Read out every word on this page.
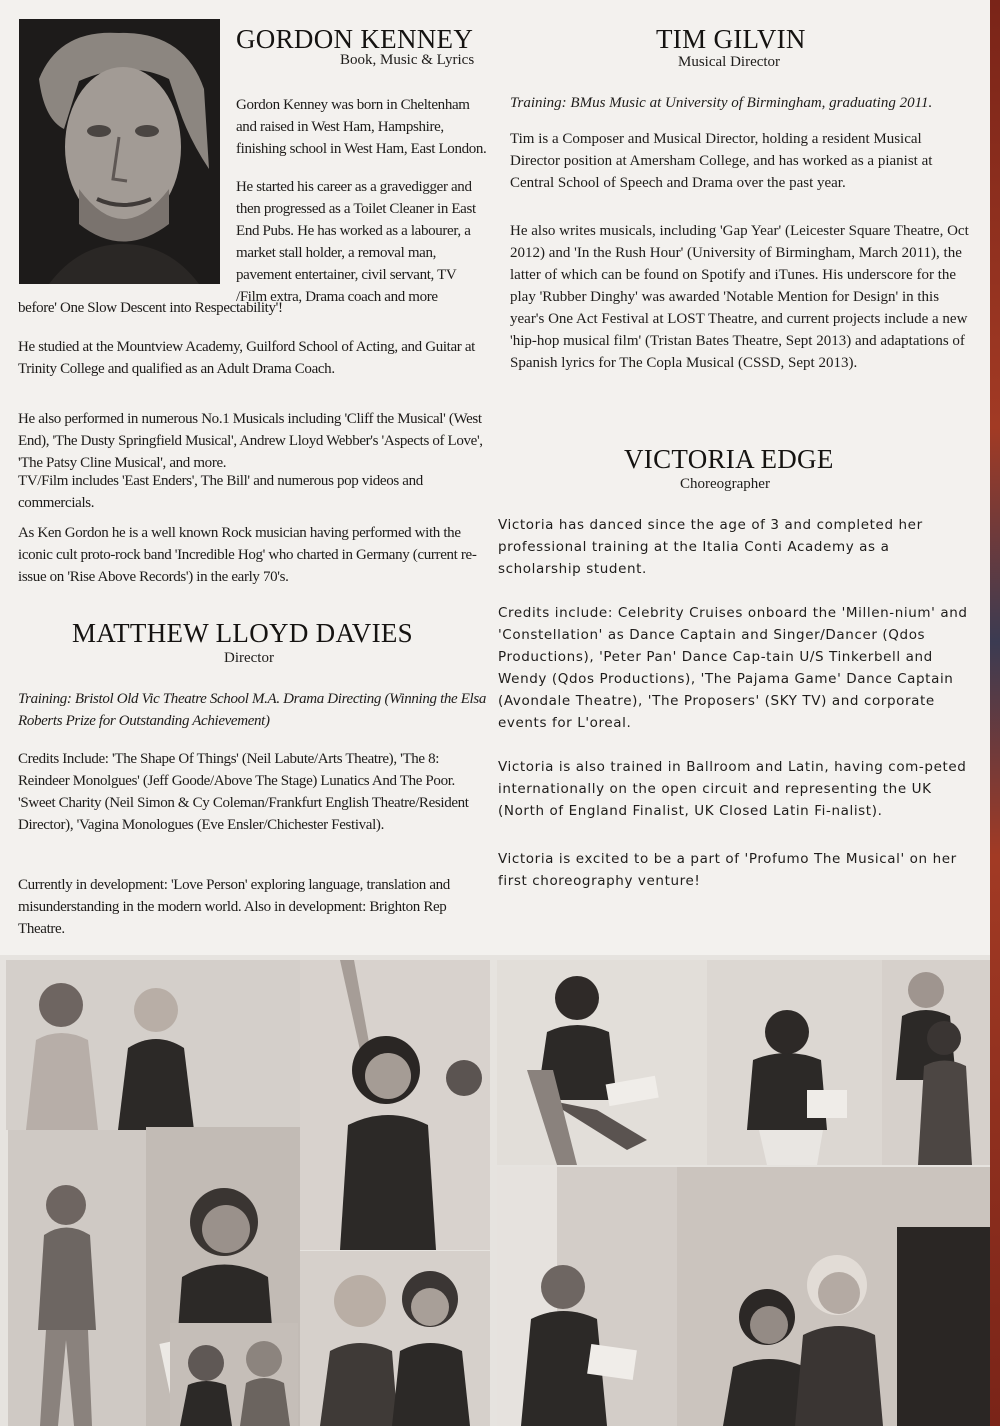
GORDON KENNEY
Book, Music & Lyrics
Gordon Kenney was born in Cheltenham and raised in West Ham, Hampshire, finishing school in West Ham, East London.
He started his career as a gravedigger and then progressed as a Toilet Cleaner in East End Pubs. He has worked as a labourer, a market stall holder, a removal man, pavement entertainer, civil servant, TV /Film extra, Drama coach and more
before' One Slow Descent into Respectability'!
He studied at the Mountview Academy, Guilford School of Acting, and Guitar at Trinity College and qualified as an Adult Drama Coach.
He also performed in numerous No.1 Musicals including 'Cliff the Musical' (West End), 'The Dusty Springfield Musical', Andrew Lloyd Webber's 'Aspects of Love', 'The Patsy Cline Musical', and more.
TV/Film includes 'East Enders', The Bill' and numerous pop videos and commercials.
As Ken Gordon he is a well known Rock musician having performed with the iconic cult proto-rock band 'Incredible Hog' who charted in Germany (current re-issue on 'Rise Above Records') in the early 70's.
MATTHEW LLOYD DAVIES
Director
Training: Bristol Old Vic Theatre School M.A. Drama Directing (Winning the Elsa Roberts Prize for Outstanding Achievement)
Credits Include: 'The Shape Of Things' (Neil Labute/Arts Theatre), 'The 8: Reindeer Monolgues' (Jeff Goode/Above The Stage) Lunatics And The Poor. 'Sweet Charity (Neil Simon & Cy Coleman/Frankfurt English Theatre/Resident Director), 'Vagina Monologues (Eve Ensler/Chichester Festival).
Currently in development: 'Love Person' exploring language, translation and misunderstanding in the modern world. Also in development: Brighton Rep Theatre.
TIM GILVIN
Musical Director
Training: BMus Music at University of Birmingham, graduating 2011.
Tim is a Composer and Musical Director, holding a resident Musical Director position at Amersham College, and has worked as a pianist at Central School of Speech and Drama over the past year.
He also writes musicals, including 'Gap Year' (Leicester Square Theatre, Oct 2012) and 'In the Rush Hour' (University of Birmingham, March 2011), the latter of which can be found on Spotify and iTunes. His underscore for the play 'Rubber Dinghy' was awarded 'Notable Mention for Design' in this year's One Act Festival at LOST Theatre, and current projects include a new 'hip-hop musical film' (Tristan Bates Theatre, Sept 2013) and adaptations of Spanish lyrics for The Copla Musical (CSSD, Sept 2013).
VICTORIA EDGE
Choreographer
Victoria has danced since the age of 3 and completed her professional training at the Italia Conti Academy as a scholarship student.
Credits include: Celebrity Cruises onboard the 'Millen-nium' and 'Constellation' as Dance Captain and Singer/Dancer (Qdos Productions), 'Peter Pan' Dance Cap-tain U/S Tinkerbell and Wendy (Qdos Productions), 'The Pajama Game' Dance Captain (Avondale Theatre), 'The Proposers' (SKY TV) and corporate events for L'oreal.
Victoria is also trained in Ballroom and Latin, having com-peted internationally on the open circuit and representing the UK (North of England Finalist, UK Closed Latin Fi-nalist).
Victoria is excited to be a part of 'Profumo The Musical' on her first choreography venture!
